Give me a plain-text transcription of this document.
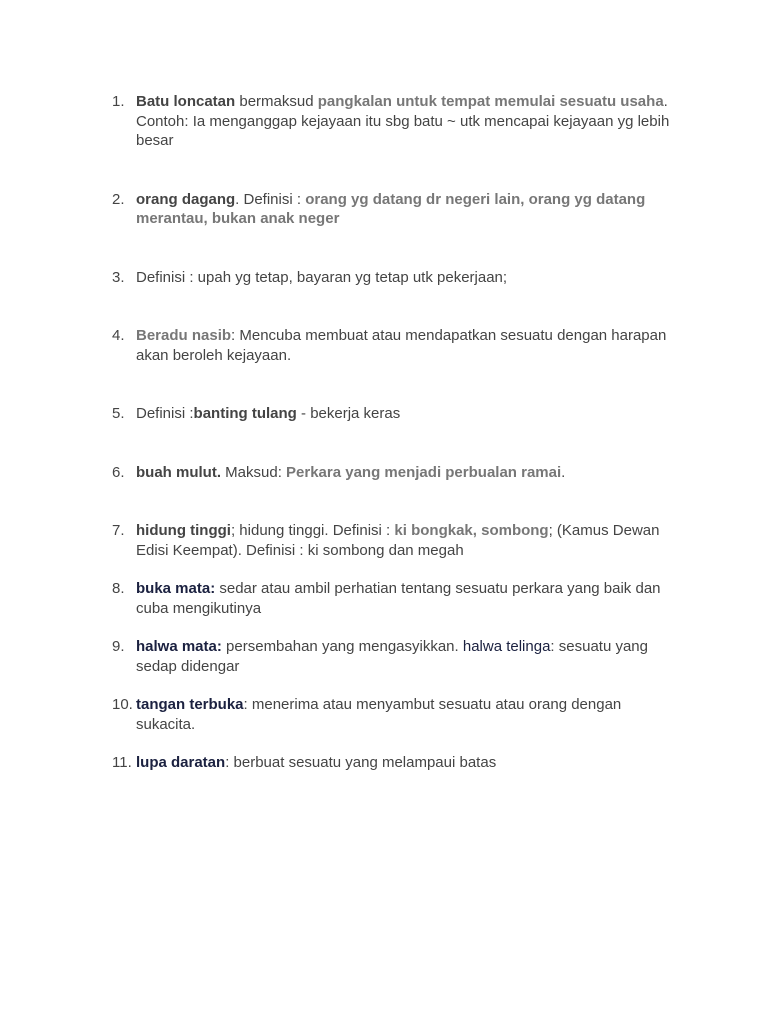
1. Batu loncatan bermaksud pangkalan untuk tempat memulai sesuatu usaha. Contoh: Ia menganggap kejayaan itu sbg batu ~ utk mencapai kejayaan yg lebih besar
2. orang dagang. Definisi : orang yg datang dr negeri lain, orang yg datang merantau, bukan anak neger
3. Definisi : upah yg tetap, bayaran yg tetap utk pekerjaan;
4. Beradu nasib: Mencuba membuat atau mendapatkan sesuatu dengan harapan akan beroleh kejayaan.
5. Definisi :banting tulang - bekerja keras
6. buah mulut. Maksud: Perkara yang menjadi perbualan ramai.
7. hidung tinggi; hidung tinggi. Definisi : ki bongkak, sombong; (Kamus Dewan Edisi Keempat). Definisi : ki sombong dan megah
8. buka mata: sedar atau ambil perhatian tentang sesuatu perkara yang baik dan cuba mengikutinya
9. halwa mata: persembahan yang mengasyikkan. halwa telinga: sesuatu yang sedap didengar
10. tangan terbuka: menerima atau menyambut sesuatu atau orang dengan sukacita.
11. lupa daratan: berbuat sesuatu yang melampaui batas
